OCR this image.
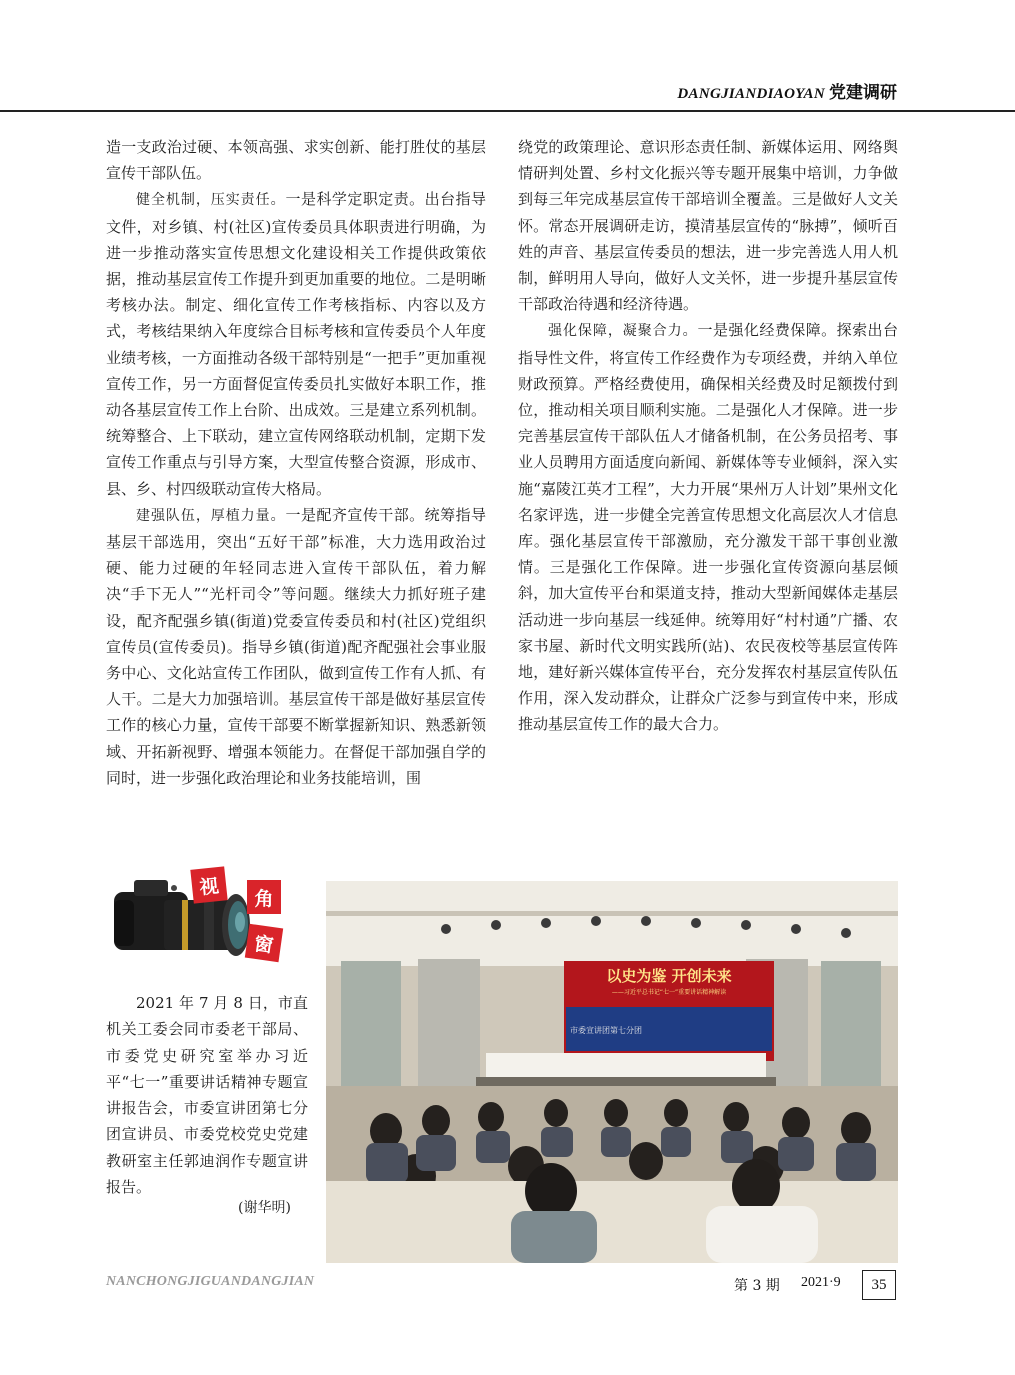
DANGJIANDIAOYAN 党建调研

造一支政治过硬、本领高强、求实创新、能打胜仗的基层宣传干部队伍。

健全机制，压实责任。一是科学定职定责。出台指导文件，对乡镇、村(社区)宣传委员具体职责进行明确，为进一步推动落实宣传思想文化建设相关工作提供政策依据，推动基层宣传工作提升到更加重要的地位。二是明晰考核办法。制定、细化宣传工作考核指标、内容以及方式，考核结果纳入年度综合目标考核和宣传委员个人年度业绩考核，一方面推动各级干部特别是“一把手”更加重视宣传工作，另一方面督促宣传委员扎实做好本职工作，推动各基层宣传工作上台阶、出成效。三是建立系列机制。统筹整合、上下联动，建立宣传网络联动机制，定期下发宣传工作重点与引导方案，大型宣传整合资源，形成市、县、乡、村四级联动宣传大格局。

建强队伍，厚植力量。一是配齐宣传干部。统筹指导基层干部选用，突出“五好干部”标准，大力选用政治过硬、能力过硬的年轻同志进入宣传干部队伍，着力解决“手下无人”“光杆司令”等问题。继续大力抓好班子建设，配齐配强乡镇(街道)党委宣传委员和村(社区)党组织宣传员(宣传委员)。指导乡镇(街道)配齐配强社会事业服务中心、文化站宣传工作团队，做到宣传工作有人抓、有人干。二是大力加强培训。基层宣传干部是做好基层宣传工作的核心力量，宣传干部要不断掌握新知识、熟悉新领域、开拓新视野、增强本领能力。在督促干部加强自学的同时，进一步强化政治理论和业务技能培训，围

绕党的政策理论、意识形态责任制、新媒体运用、网络舆情研判处置、乡村文化振兴等专题开展集中培训，力争做到每三年完成基层宣传干部培训全覆盖。三是做好人文关怀。常态开展调研走访，摸清基层宣传的“脉搏”，倾听百姓的声音、基层宣传委员的想法，进一步完善选人用人机制，鲜明用人导向，做好人文关怀，进一步提升基层宣传干部政治待遇和经济待遇。

强化保障，凝聚合力。一是强化经费保障。探索出台指导性文件，将宣传工作经费作为专项经费，并纳入单位财政预算。严格经费使用，确保相关经费及时足额拨付到位，推动相关项目顺利实施。二是强化人才保障。进一步完善基层宣传干部队伍人才储备机制，在公务员招考、事业人员聘用方面适度向新闻、新媒体等专业倾斜，深入实施“嘉陵江英才工程”，大力开展“果州万人计划”果州文化名家评选，进一步健全完善宣传思想文化高层次人才信息库。强化基层宣传干部激励，充分激发干部干事创业激情。三是强化工作保障。进一步强化宣传资源向基层倾斜，加大宣传平台和渠道支持，推动大型新闻媒体走基层活动进一步向基层一线延伸。统筹用好“村村通”广播、农家书屋、新时代文明实践所(站)、农民夜校等基层宣传阵地，建好新兴媒体宣传平台，充分发挥农村基层宣传队伍作用，深入发动群众，让群众广泛参与到宣传中来，形成推动基层宣传工作的最大合力。

视
角
窗

2021 年 7 月 8 日，市直机关工委会同市委老干部局、市委党史研究室举办习近平“七一”重要讲话精神专题宣讲报告会，市委宣讲团第七分团宣讲员、市委党校党史党建教研室主任郭迪润作专题宣讲报告。

(谢华明)
以史为鉴 开创未来
——习近平总书记“七一”重要讲话精神解读
市委宣讲团第七分团
NANCHONGJIGUANDANGJIAN	第 3 期 2021·9	35
